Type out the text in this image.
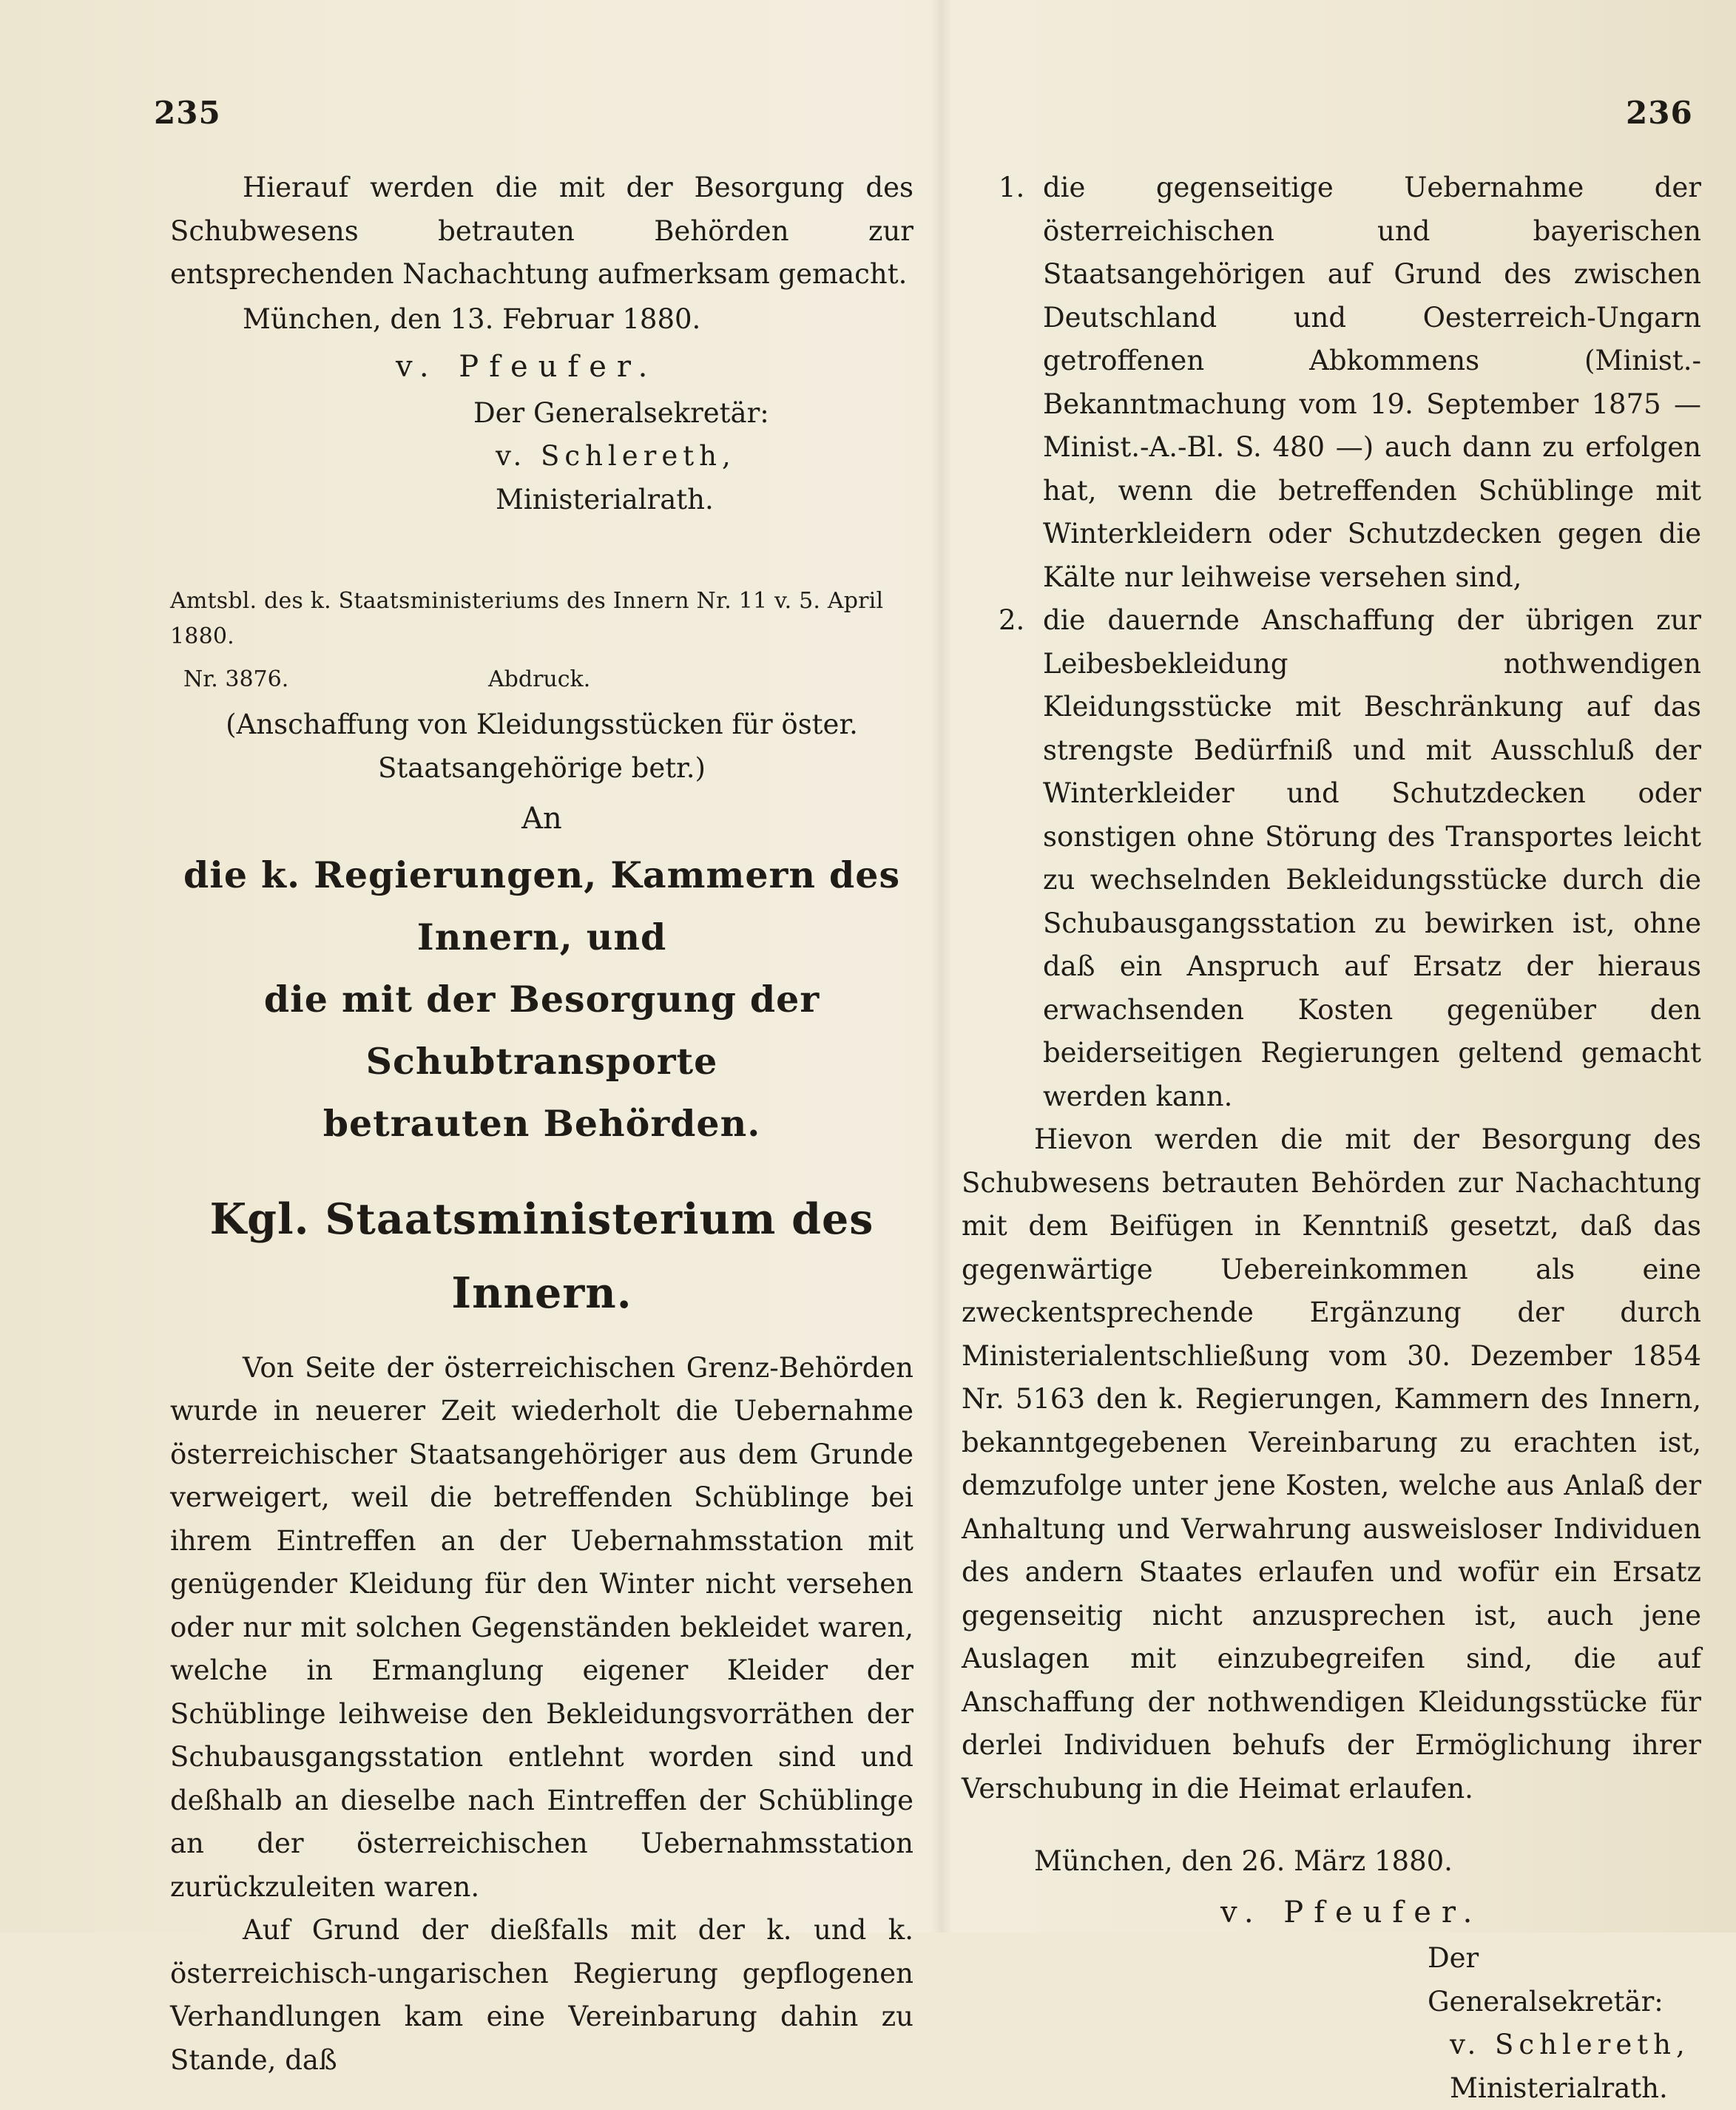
235

Hierauf werden die mit der Besorgung des Schubwesens betrauten Behörden zur entsprechenden Nachachtung aufmerksam gemacht.

München, den 13. Februar 1880.
v. Pfeufer.
Der Generalsekretär:
v. Schlereth,
Ministerialrath.
Amtsbl. des k. Staatsministeriums des Innern Nr. 11 v. 5. April 1880.
Nr. 3876.	Abdruck.
(Anschaffung von Kleidungsstücken für öster. Staatsangehörige betr.)
An
die k. Regierungen, Kammern des Innern, und
die mit der Besorgung der Schubtransporte
betrauten Behörden.
Kgl. Staatsministerium des Innern.

Von Seite der österreichischen Grenz-Behörden wurde in neuerer Zeit wiederholt die Uebernahme österreichischer Staatsangehöriger aus dem Grunde verweigert, weil die betreffenden Schüblinge bei ihrem Eintreffen an der Uebernahmsstation mit genügender Kleidung für den Winter nicht versehen oder nur mit solchen Gegenständen bekleidet waren, welche in Ermanglung eigener Kleider der Schüblinge leihweise den Bekleidungsvorräthen der Schubausgangsstation entlehnt worden sind und deßhalb an dieselbe nach Eintreffen der Schüblinge an der österreichischen Uebernahmsstation zurückzuleiten waren.

Auf Grund der dießfalls mit der k. und k. österreichisch-ungarischen Regierung gepflogenen Verhandlungen kam eine Vereinbarung dahin zu Stande, daß

236
1. die gegenseitige Uebernahme der österreichischen und bayerischen Staatsangehörigen auf Grund des zwischen Deutschland und Oesterreich-Ungarn getroffenen Abkommens (Minist.-Bekanntmachung vom 19. September 1875 — Minist.-A.-Bl. S. 480 —) auch dann zu erfolgen hat, wenn die betreffenden Schüblinge mit Winterkleidern oder Schutzdecken gegen die Kälte nur leihweise versehen sind,
2. die dauernde Anschaffung der übrigen zur Leibesbekleidung nothwendigen Kleidungsstücke mit Beschränkung auf das strengste Bedürfniß und mit Ausschluß der Winterkleider und Schutzdecken oder sonstigen ohne Störung des Transportes leicht zu wechselnden Bekleidungsstücke durch die Schubausgangsstation zu bewirken ist, ohne daß ein Anspruch auf Ersatz der hieraus erwachsenden Kosten gegenüber den beiderseitigen Regierungen geltend gemacht werden kann.

Hievon werden die mit der Besorgung des Schubwesens betrauten Behörden zur Nachachtung mit dem Beifügen in Kenntniß gesetzt, daß das gegenwärtige Uebereinkommen als eine zweckentsprechende Ergänzung der durch Ministerialentschließung vom 30. Dezember 1854 Nr. 5163 den k. Regierungen, Kammern des Innern, bekanntgegebenen Vereinbarung zu erachten ist, demzufolge unter jene Kosten, welche aus Anlaß der Anhaltung und Verwahrung ausweisloser Individuen des andern Staates erlaufen und wofür ein Ersatz gegenseitig nicht anzusprechen ist, auch jene Auslagen mit einzubegreifen sind, die auf Anschaffung der nothwendigen Kleidungsstücke für derlei Individuen behufs der Ermöglichung ihrer Verschubung in die Heimat erlaufen.

München, den 26. März 1880.
v. Pfeufer.
Der Generalsekretär:
v. Schlereth,
Ministerialrath.
